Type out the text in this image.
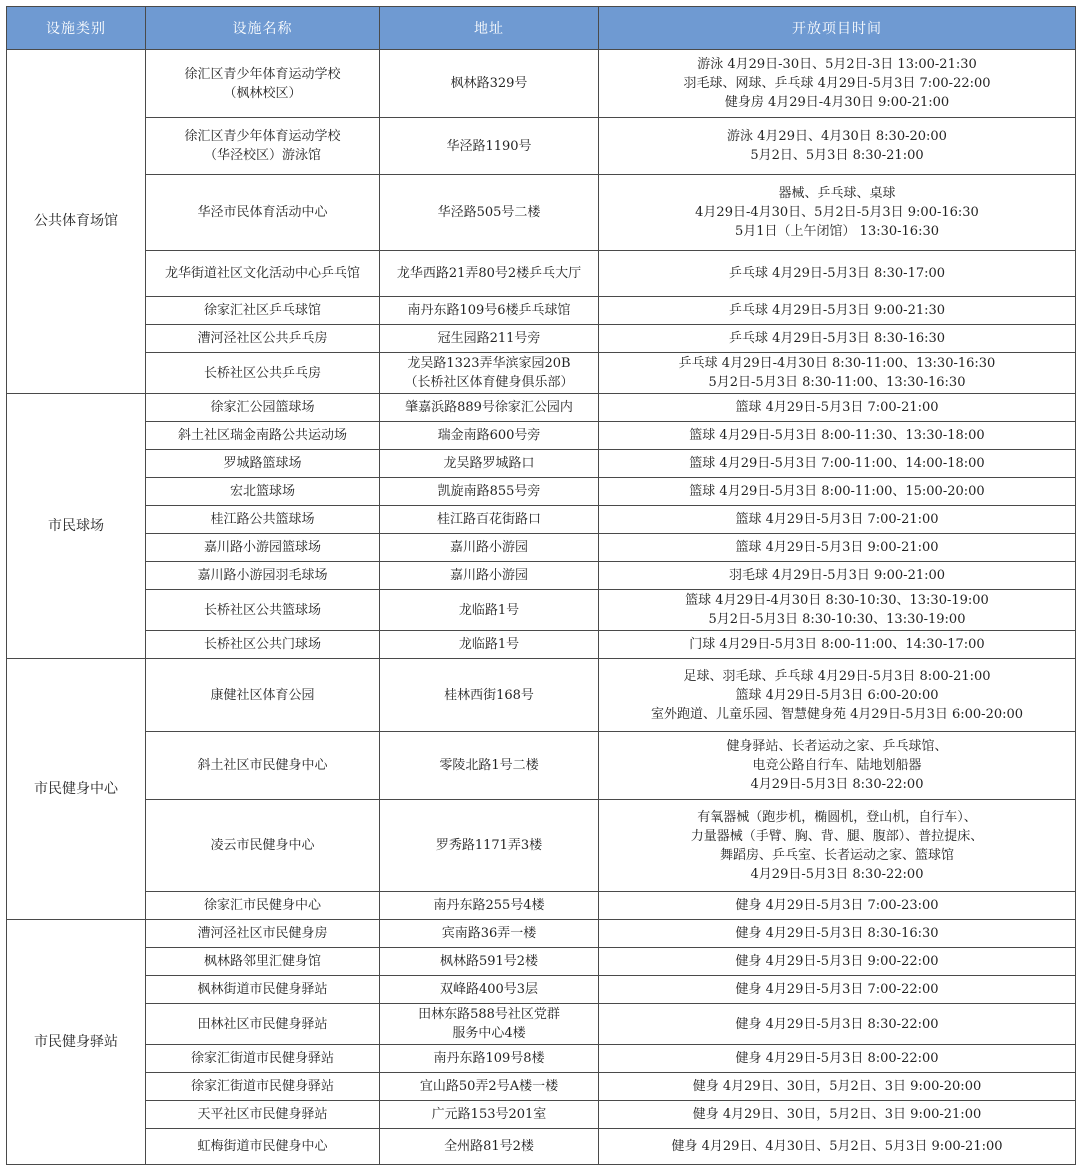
设施类别	设施名称	地址	开放项目时间
公共体育场馆	徐汇区青少年体育运动学校
（枫林校区）	枫林路329号	游泳 4月29日-30日、5月2日-3日 13:00-21:30
羽毛球、网球、乒乓球 4月29日-5月3日 7:00-22:00
健身房 4月29日-4月30日 9:00-21:00

	徐汇区青少年体育运动学校
（华泾校区）游泳馆	华泾路1190号	游泳 4月29日、4月30日 8:30-20:00
5月2日、5月3日 8:30-21:00

	华泾市民体育活动中心	华泾路505号二楼	器械、乒乓球、桌球
4月29日-4月30日、5月2日-5月3日 9:00-16:30
5月1日（上午闭馆） 13:30-16:30

	龙华街道社区文化活动中心乒乓馆	龙华西路21弄80号2楼乒乓大厅	乒乓球 4月29日-5月3日 8:30-17:00

	徐家汇社区乒乓球馆	南丹东路109号6楼乒乓球馆	乒乓球 4月29日-5月3日 9:00-21:30

	漕河泾社区公共乒乓房	冠生园路211号旁	乒乓球 4月29日-5月3日 8:30-16:30

	长桥社区公共乒乓房	龙吴路1323弄华滨家园20B
（长桥社区体育健身俱乐部）	乒乓球 4月29日-4月30日 8:30-11:00、13:30-16:30
5月2日-5月3日 8:30-11:00、13:30-16:30

市民球场	徐家汇公园篮球场	肇嘉浜路889号徐家汇公园内	篮球 4月29日-5月3日 7:00-21:00

	斜土社区瑞金南路公共运动场	瑞金南路600号旁	篮球 4月29日-5月3日 8:00-11:30、13:30-18:00

	罗城路篮球场	龙吴路罗城路口	篮球 4月29日-5月3日 7:00-11:00、14:00-18:00

	宏北篮球场	凯旋南路855号旁	篮球 4月29日-5月3日 8:00-11:00、15:00-20:00

	桂江路公共篮球场	桂江路百花街路口	篮球 4月29日-5月3日 7:00-21:00

	嘉川路小游园篮球场	嘉川路小游园	篮球 4月29日-5月3日 9:00-21:00

	嘉川路小游园羽毛球场	嘉川路小游园	羽毛球 4月29日-5月3日 9:00-21:00

	长桥社区公共篮球场	龙临路1号	篮球 4月29日-4月30日 8:30-10:30、13:30-19:00
5月2日-5月3日 8:30-10:30、13:30-19:00

	长桥社区公共门球场	龙临路1号	门球 4月29日-5月3日 8:00-11:00、14:30-17:00

市民健身中心	康健社区体育公园	桂林西街168号	足球、羽毛球、乒乓球 4月29日-5月3日 8:00-21:00
篮球 4月29日-5月3日 6:00-20:00
室外跑道、儿童乐园、智慧健身苑 4月29日-5月3日 6:00-20:00

	斜土社区市民健身中心	零陵北路1号二楼	健身驿站、长者运动之家、乒乓球馆、
电竞公路自行车、陆地划船器
4月29日-5月3日 8:30-22:00

	凌云市民健身中心	罗秀路1171弄3楼	有氧器械（跑步机，椭圆机，登山机，自行车）、
力量器械（手臂、胸、背、腿、腹部）、普拉提床、
舞蹈房、乒乓室、长者运动之家、篮球馆
4月29日-5月3日 8:30-22:00

	徐家汇市民健身中心	南丹东路255号4楼	健身 4月29日-5月3日 7:00-23:00

市民健身驿站	漕河泾社区市民健身房	宾南路36弄一楼	健身 4月29日-5月3日 8:30-16:30

	枫林路邻里汇健身馆	枫林路591号2楼	健身 4月29日-5月3日 9:00-22:00

	枫林街道市民健身驿站	双峰路400号3层	健身 4月29日-5月3日 7:00-22:00

	田林社区市民健身驿站	田林东路588号社区党群
服务中心4楼	健身 4月29日-5月3日 8:30-22:00

	徐家汇街道市民健身驿站	南丹东路109号8楼	健身 4月29日-5月3日 8:00-22:00

	徐家汇街道市民健身驿站	宜山路50弄2号A楼一楼	健身 4月29日、30日，5月2日、3日 9:00-20:00

	天平社区市民健身驿站	广元路153号201室	健身 4月29日、30日，5月2日、3日 9:00-21:00

	虹梅街道市民健身中心	全州路81号2楼	健身 4月29日、4月30日、5月2日、5月3日 9:00-21:00
